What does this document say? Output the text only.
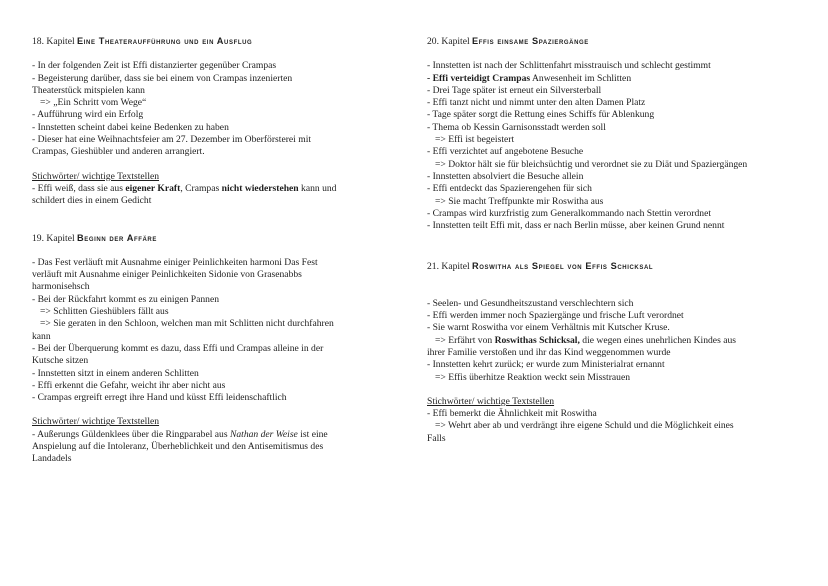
18. Kapitel Eine Theateraufführung und ein Ausflug
- In der folgenden Zeit ist Effi distanzierter gegenüber Crampas
- Begeisterung darüber, dass sie bei einem von Crampas inzenierten
Theaterstück mitspielen kann
=> „Ein Schritt vom Wege“
- Aufführung wird ein Erfolg
- Innstetten scheint dabei keine Bedenken zu haben
- Dieser hat eine Weihnachtsfeier am 27. Dezember im Oberförsterei mit
Crampas, Gieshübler und anderen arrangiert.
Stichwörter/ wichtige Textstellen
- Effi weiß, dass sie aus eigener Kraft, Crampas nicht wiederstehen kann und
schildert dies in einem Gedicht
19. Kapitel Beginn der Affäre
- Das Fest verläuft mit Ausnahme einiger Peinlichkeiten harmoni Das Fest
verläuft mit Ausnahme einiger Peinlichkeiten Sidonie von Grasenabbs
harmonisehsch
- Bei der Rückfahrt kommt es zu einigen Pannen
=> Schlitten Gieshüblers fällt aus
=> Sie geraten in den Schloon, welchen man mit Schlitten nicht durchfahren
kann
- Bei der Überquerung kommt es dazu, dass Effi und Crampas alleine in der
Kutsche sitzen
- Innstetten sitzt in einem anderen Schlitten
- Effi erkennt die Gefahr, weicht ihr aber nicht aus
- Crampas ergreift erregt ihre Hand und küsst Effi leidenschaftlich
Stichwörter/ wichtige Textstellen
- Außerungs Güldenklees über die Ringparabel aus Nathan der Weise ist eine
Anspielung auf die Intoleranz, Überheblichkeit und den Antisemitismus des
Landadels
20. Kapitel Effis einsame Spaziergänge
- Innstetten ist nach der Schlittenfahrt misstrauisch und schlecht gestimmt
- Effi verteidigt Crampas Anwesenheit im Schlitten
- Drei Tage später ist erneut ein Silversterball
- Effi tanzt nicht und nimmt unter den alten Damen Platz
- Tage später sorgt die Rettung eines Schiffs für Ablenkung
- Thema ob Kessin Garnisonsstadt werden soll
=> Effi ist begeistert
- Effi verzichtet auf angebotene Besuche
=> Doktor hält sie für bleichsüchtig und verordnet sie zu Diät und Spaziergängen
- Innstetten absolviert die Besuche allein
- Effi entdeckt das Spazierengehen für sich
=> Sie macht Treffpunkte mir Roswitha aus
- Crampas wird kurzfristig zum Generalkommando nach Stettin verordnet
- Innstetten teilt Effi mit, dass er nach Berlin müsse, aber keinen Grund nennt
21. Kapitel Roswitha als Spiegel von Effis Schicksal
- Seelen- und Gesundheitszustand verschlechtern sich
- Effi werden immer noch Spaziergänge und frische Luft verordnet
- Sie warnt Roswitha vor einem Verhältnis mit Kutscher Kruse.
=> Erfährt von Roswithas Schicksal, die wegen eines unehrlichen Kindes aus
ihrer Familie verstoßen und ihr das Kind weggenommen wurde
- Innstetten kehrt zurück; er wurde zum Ministerialrat ernannt
=> Effis überhitze Reaktion weckt sein Misstrauen
Stichwörter/ wichtige Textstellen
- Effi bemerkt die Ähnlichkeit mit Roswitha
=> Wehrt aber ab und verdrängt ihre eigene Schuld und die Möglichkeit eines
Falls
